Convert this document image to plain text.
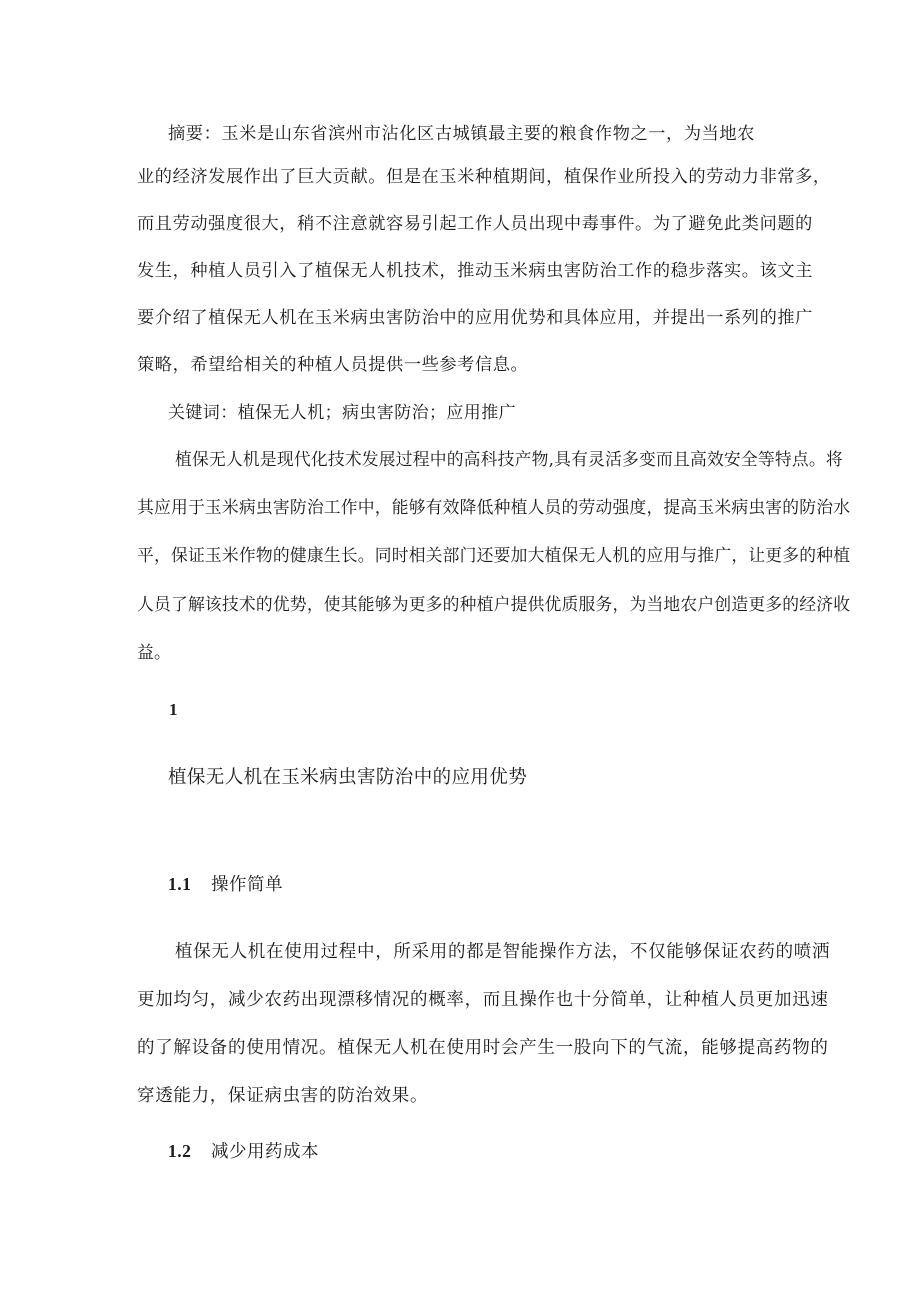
摘要：玉米是山东省滨州市沾化区古城镇最主要的粮食作物之一，为当地农

业的经济发展作出了巨大贡献。但是在玉米种植期间，植保作业所投入的劳动力非常多，

而且劳动强度很大，稍不注意就容易引起工作人员出现中毒事件。为了避免此类问题的

发生，种植人员引入了植保无人机技术，推动玉米病虫害防治工作的稳步落实。该文主

要介绍了植保无人机在玉米病虫害防治中的应用优势和具体应用，并提出一系列的推广

策略，希望给相关的种植人员提供一些参考信息。

关键词：植保无人机；病虫害防治；应用推广

植保无人机是现代化技术发展过程中的高科技产物,具有灵活多变而且高效安全等特点。将

其应用于玉米病虫害防治工作中，能够有效降低种植人员的劳动强度，提高玉米病虫害的防治水

平，保证玉米作物的健康生长。同时相关部门还要加大植保无人机的应用与推广，让更多的种植

人员了解该技术的优势，使其能够为更多的种植户提供优质服务，为当地农户创造更多的经济收

益。

1

植保无人机在玉米病虫害防治中的应用优势

1.1 操作简单

植保无人机在使用过程中，所采用的都是智能操作方法，不仅能够保证农药的喷洒

更加均匀，减少农药出现漂移情况的概率，而且操作也十分简单，让种植人员更加迅速

的了解设备的使用情况。植保无人机在使用时会产生一股向下的气流，能够提高药物的

穿透能力，保证病虫害的防治效果。

1.2 减少用药成本
